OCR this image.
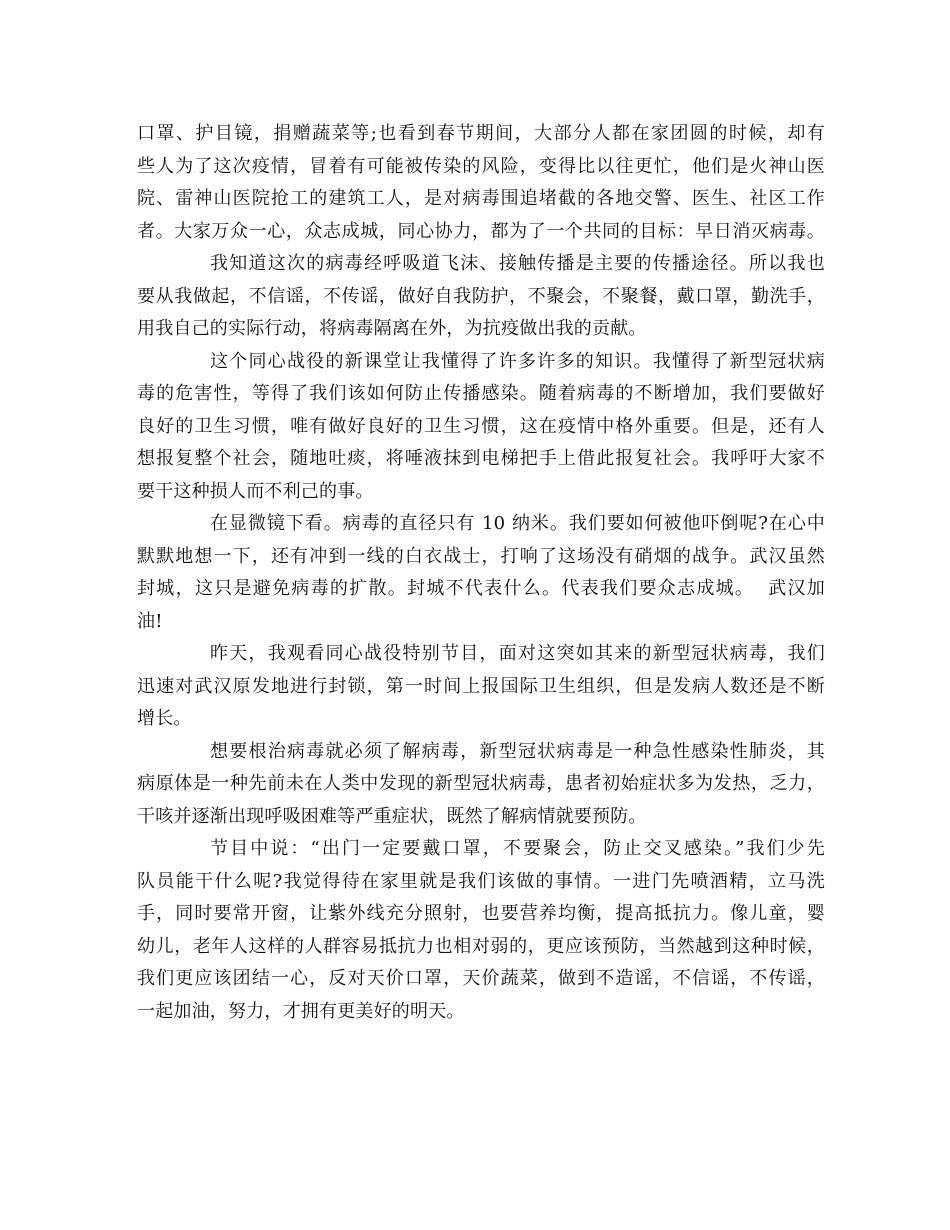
口罩、护目镜，捐赠蔬菜等;也看到春节期间，大部分人都在家团圆的时候，却有
些人为了这次疫情，冒着有可能被传染的风险，变得比以往更忙，他们是火神山医
院、雷神山医院抢工的建筑工人，是对病毒围追堵截的各地交警、医生、社区工作
者。大家万众一心，众志成城，同心协力，都为了一个共同的目标：早日消灭病毒。
我知道这次的病毒经呼吸道飞沫、接触传播是主要的传播途径。所以我也
要从我做起，不信谣，不传谣，做好自我防护，不聚会，不聚餐，戴口罩，勤洗手，
用我自己的实际行动，将病毒隔离在外，为抗疫做出我的贡献。
这个同心战役的新课堂让我懂得了许多许多的知识。我懂得了新型冠状病
毒的危害性，等得了我们该如何防止传播感染。随着病毒的不断增加，我们要做好
良好的卫生习惯，唯有做好良好的卫生习惯，这在疫情中格外重要。但是，还有人
想报复整个社会，随地吐痰，将唾液抹到电梯把手上借此报复社会。我呼吁大家不
要干这种损人而不利己的事。
在显微镜下看。病毒的直径只有 10 纳米。我们要如何被他吓倒呢?在心中
默默地想一下，还有冲到一线的白衣战士，打响了这场没有硝烟的战争。武汉虽然
封城，这只是避免病毒的扩散。封城不代表什么。代表我们要众志成城。  武汉加
油!
昨天，我观看同心战役特别节目，面对这突如其来的新型冠状病毒，我们
迅速对武汉原发地进行封锁，第一时间上报国际卫生组织，但是发病人数还是不断
增长。
想要根治病毒就必须了解病毒，新型冠状病毒是一种急性感染性肺炎，其
病原体是一种先前未在人类中发现的新型冠状病毒，患者初始症状多为发热，乏力，
干咳并逐渐出现呼吸困难等严重症状，既然了解病情就要预防。
节目中说：“出门一定要戴口罩，不要聚会，防止交叉感染。”我们少先
队员能干什么呢?我觉得待在家里就是我们该做的事情。一进门先喷酒精，立马洗
手，同时要常开窗，让紫外线充分照射，也要营养均衡，提高抵抗力。像儿童，婴
幼儿，老年人这样的人群容易抵抗力也相对弱的，更应该预防，当然越到这种时候，
我们更应该团结一心，反对天价口罩，天价蔬菜，做到不造谣，不信谣，不传谣，
一起加油，努力，才拥有更美好的明天。
